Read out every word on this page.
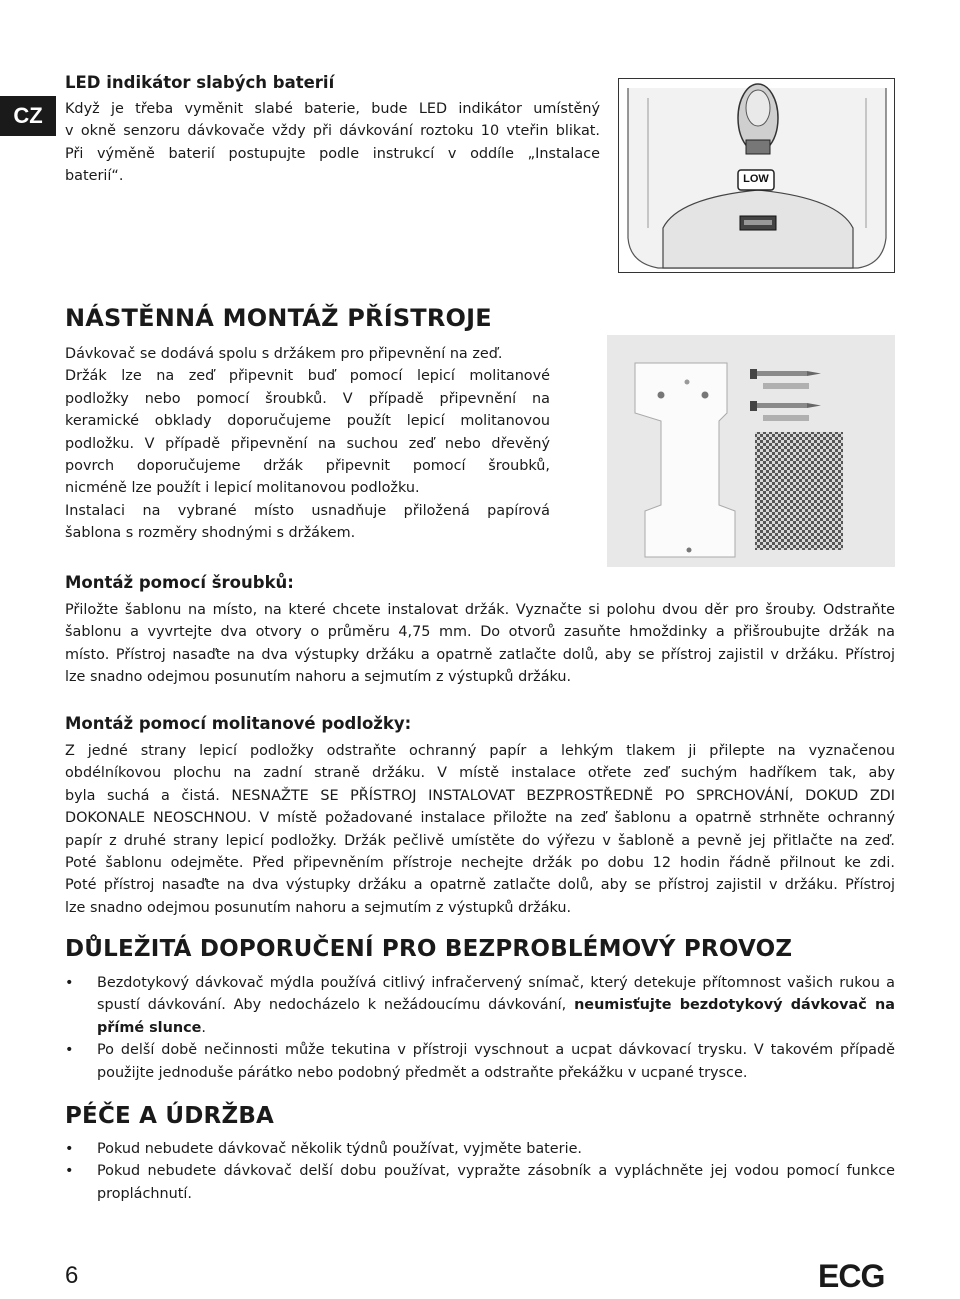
CZ
LED indikátor slabých baterií
Když je třeba vyměnit slabé baterie, bude LED indikátor umístěný
v okně senzoru dávkovače vždy při dávkování roztoku 10 vteřin blikat.
Při výměně baterií postupujte podle instrukcí v oddíle „Instalace
baterií“.	LOW
NÁSTĚNNÁ MONTÁŽ PŘÍSTROJE
Dávkovač se dodává spolu s držákem pro připevnění na zeď.
Držák lze na zeď připevnit buď pomocí lepicí molitanové
podložky nebo pomocí šroubků. V případě připevnění na
keramické obklady doporučujeme použít lepicí molitanovou
podložku. V případě připevnění na suchou zeď nebo dřevěný
povrch doporučujeme držák připevnit pomocí šroubků,
nicméně lze použít i lepicí molitanovou podložku.
Instalaci na vybrané místo usnadňuje přiložená papírová
šablona s rozměry shodnými s držákem.
Montáž pomocí šroubků:
Přiložte šablonu na místo, na které chcete instalovat držák. Vyznačte si polohu dvou děr pro šrouby. Odstraňte
šablonu a vyvrtejte dva otvory o průměru 4,75 mm. Do otvorů zasuňte hmoždinky a přišroubujte držák na
místo. Přístroj nasaďte na dva výstupky držáku a opatrně zatlačte dolů, aby se přístroj zajistil v držáku. Přístroj
lze snadno odejmou posunutím nahoru a sejmutím z výstupků držáku.
Montáž pomocí molitanové podložky:
Z jedné strany lepicí podložky odstraňte ochranný papír a lehkým tlakem ji přilepte na vyznačenou
obdélníkovou plochu na zadní straně držáku. V místě instalace otřete zeď suchým hadříkem tak, aby
byla suchá a čistá. NESNAŽTE SE PŘÍSTROJ INSTALOVAT BEZPROSTŘEDNĚ PO SPRCHOVÁNÍ, DOKUD ZDI
DOKONALE NEOSCHNOU. V místě požadované instalace přiložte na zeď šablonu a opatrně strhněte ochranný
papír z druhé strany lepicí podložky. Držák pečlivě umístěte do výřezu v šabloně a pevně jej přitlačte na zeď.
Poté šablonu odejměte. Před připevněním přístroje nechejte držák po dobu 12 hodin řádně přilnout ke zdi.
Poté přístroj nasaďte na dva výstupky držáku a opatrně zatlačte dolů, aby se přístroj zajistil v držáku. Přístroj
lze snadno odejmou posunutím nahoru a sejmutím z výstupků držáku.
DŮLEŽITÁ DOPORUČENÍ PRO BEZPROBLÉMOVÝ PROVOZ
• Bezdotykový dávkovač mýdla používá citlivý infračervený snímač, který detekuje přítomnost vašich rukou a spustí dávkování. Aby nedocházelo k nežádoucímu dávkování, neumisťujte bezdotykový dávkovač na přímé slunce.
• Po delší době nečinnosti může tekutina v přístroji vyschnout a ucpat dávkovací trysku. V takovém případě použijte jednoduše párátko nebo podobný předmět a odstraňte překážku v ucpané trysce.
PÉČE A ÚDRŽBA
• Pokud nebudete dávkovač několik týdnů používat, vyjměte baterie.
• Pokud nebudete dávkovač delší dobu používat, vypražte zásobník a vypláchněte jej vodou pomocí funkce propláchnutí.
6	ECG
